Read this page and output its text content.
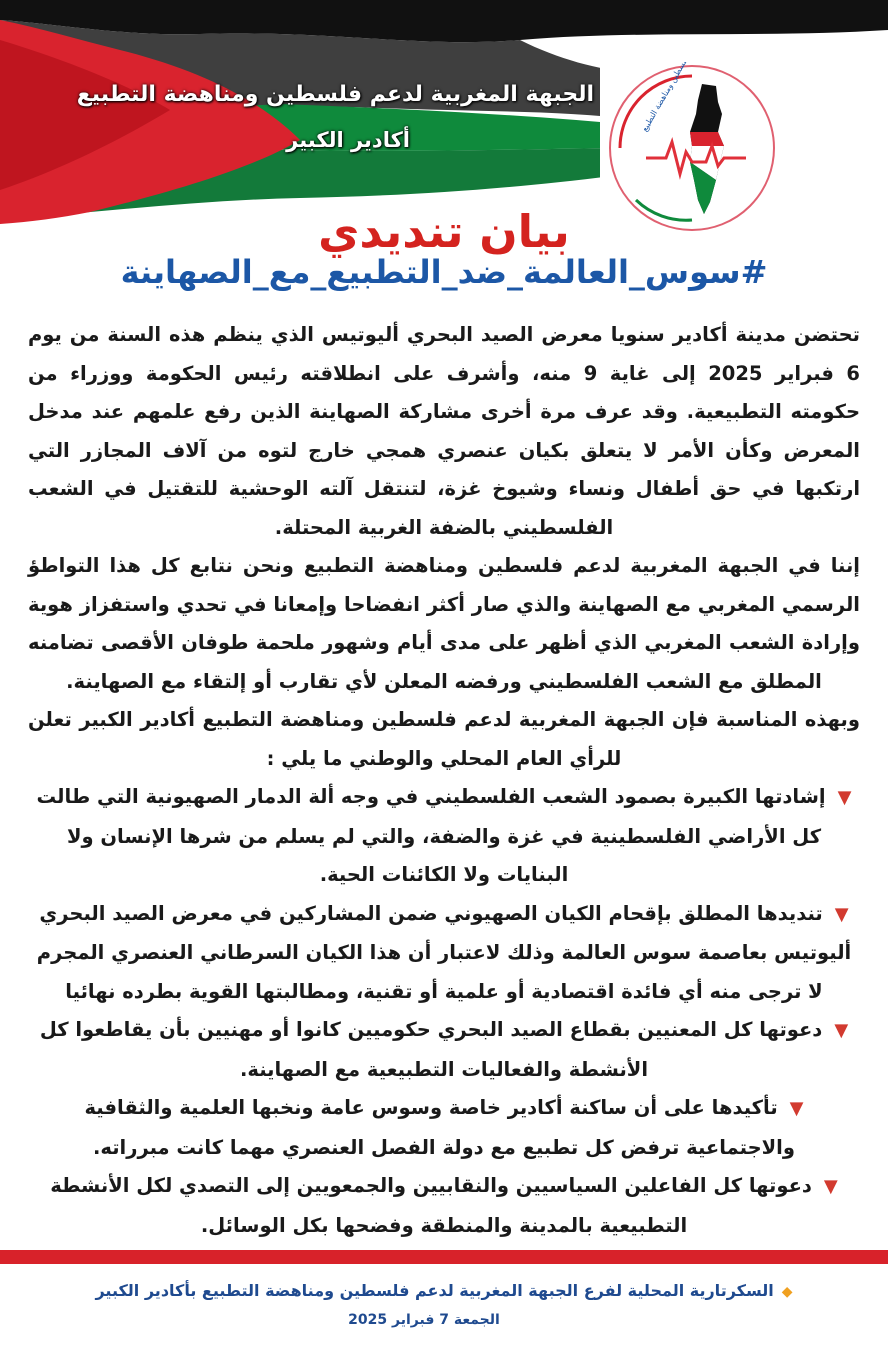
الجبهة المغربية لدعم فلسطين ومناهضة التطبيع
أكادير الكبير
بيان تنديدي
#سوس_العالمة_ضد_التطبيع_مع_الصهاينة

تحتضن مدينة أكادير سنويا معرض الصيد البحري أليوتيس الذي ينظم هذه السنة من يوم 6 فبراير 2025 إلى غاية 9 منه، وأشرف على انطلاقته رئيس الحكومة ووزراء من حكومته التطبيعية. وقد عرف مرة أخرى مشاركة الصهاينة الذين رفع علمهم عند مدخل المعرض وكأن الأمر لا يتعلق بكيان عنصري همجي خارج لتوه من آلاف المجازر التي ارتكبها في حق أطفال ونساء وشيوخ غزة، لتنتقل آلته الوحشية للتقتيل في الشعب الفلسطيني بالضفة الغربية المحتلة.

إننا في الجبهة المغربية لدعم فلسطين ومناهضة التطبيع ونحن نتابع كل هذا التواطؤ الرسمي المغربي مع الصهاينة والذي صار أكثر انفضاحا وإمعانا في تحدي واستفزاز هوية وإرادة الشعب المغربي الذي أظهر على مدى أيام وشهور ملحمة طوفان الأقصى تضامنه المطلق مع الشعب الفلسطيني ورفضه المعلن لأي تقارب أو إلتقاء مع الصهاينة.

وبهذه المناسبة فإن الجبهة المغربية لدعم فلسطين ومناهضة التطبيع أكادير الكبير تعلن للرأي العام المحلي والوطني ما يلي :

▼إشادتها الكبيرة بصمود الشعب الفلسطيني في وجه ألة الدمار الصهيونية التي طالت كل الأراضي الفلسطينية في غزة والضفة، والتي لم يسلم من شرها الإنسان ولا البنايات ولا الكائنات الحية.

▼تنديدها المطلق بإقحام الكيان الصهيوني ضمن المشاركين في معرض الصيد البحري أليوتيس بعاصمة سوس العالمة وذلك لاعتبار أن هذا الكيان السرطاني العنصري المجرم لا ترجى منه أي فائدة اقتصادية أو علمية أو تقنية، ومطالبتها القوية بطرده نهائيا

▼دعوتها كل المعنيين بقطاع الصيد البحري حكوميين كانوا أو مهنيين بأن يقاطعوا كل الأنشطة والفعاليات التطبيعية مع الصهاينة.

▼تأكيدها على أن ساكنة أكادير خاصة وسوس عامة ونخبها العلمية والثقافية والاجتماعية ترفض كل تطبيع مع دولة الفصل العنصري مهما كانت مبرراته.

▼دعوتها كل الفاعلين السياسيين والنقابيين والجمعويين إلى التصدي لكل الأنشطة التطبيعية بالمدينة والمنطقة وفضحها بكل الوسائل.

◆السكرتارية المحلية لفرع الجبهة المغربية لدعم فلسطين ومناهضة التطبيع بأكادير الكبير
الجمعة 7 فبراير 2025
